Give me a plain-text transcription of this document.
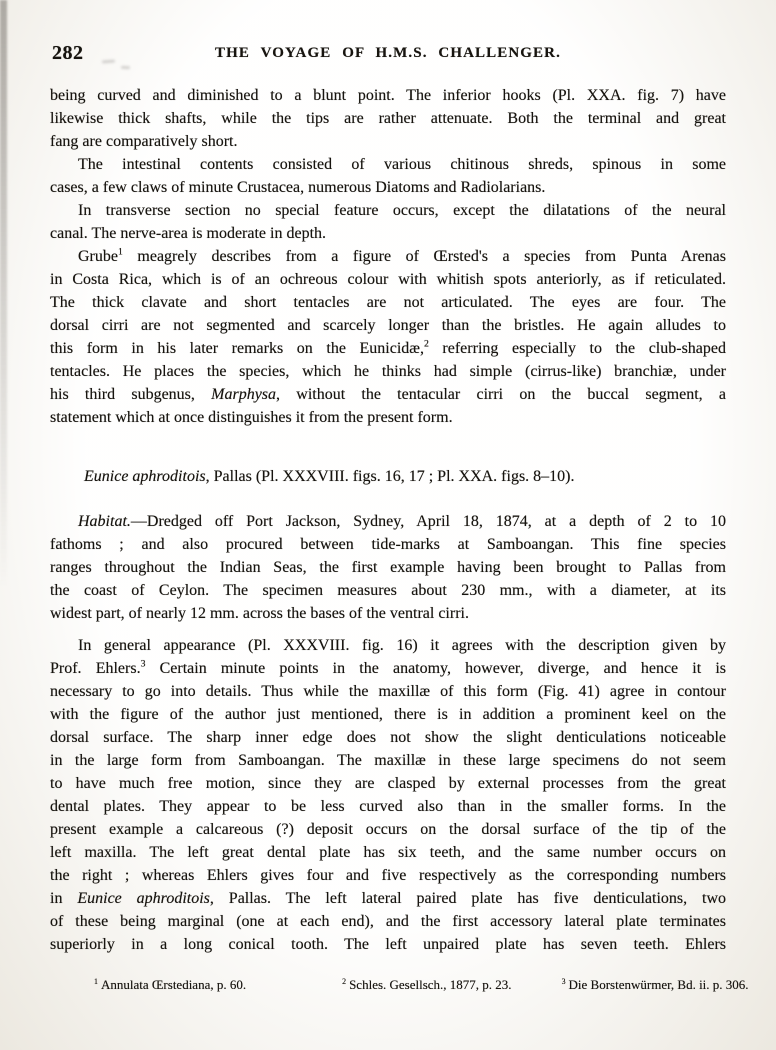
282	THE VOYAGE OF H.M.S. CHALLENGER.
being curved and diminished to a blunt point. The inferior hooks (Pl. XXA. fig. 7) have
likewise thick shafts, while the tips are rather attenuate. Both the terminal and great
fang are comparatively short.
The intestinal contents consisted of various chitinous shreds, spinous in some
cases, a few claws of minute Crustacea, numerous Diatoms and Radiolarians.
In transverse section no special feature occurs, except the dilatations of the neural
canal. The nerve-area is moderate in depth.
Grube$^1$ meagrely describes from a figure of Œrsted's a species from Punta Arenas
in Costa Rica, which is of an ochreous colour with whitish spots anteriorly, as if reticulated.
The thick clavate and short tentacles are not articulated. The eyes are four. The
dorsal cirri are not segmented and scarcely longer than the bristles. He again alludes to
this form in his later remarks on the Eunicidæ,$^2$ referring especially to the club-shaped
tentacles. He places the species, which he thinks had simple (cirrus-like) branchiæ, under
his third subgenus, Marphysa, without the tentacular cirri on the buccal segment, a
statement which at once distinguishes it from the present form.
Eunice aphroditois, Pallas (Pl. XXXVIII. figs. 16, 17 ; Pl. XXA. figs. 8–10).
Habitat.—Dredged off Port Jackson, Sydney, April 18, 1874, at a depth of 2 to 10
fathoms ; and also procured between tide-marks at Samboangan. This fine species
ranges throughout the Indian Seas, the first example having been brought to Pallas from
the coast of Ceylon. The specimen measures about 230 mm., with a diameter, at its
widest part, of nearly 12 mm. across the bases of the ventral cirri.
In general appearance (Pl. XXXVIII. fig. 16) it agrees with the description given by
Prof. Ehlers.$^3$ Certain minute points in the anatomy, however, diverge, and hence it is
necessary to go into details. Thus while the maxillæ of this form (Fig. 41) agree in contour
with the figure of the author just mentioned, there is in addition a prominent keel on the
dorsal surface. The sharp inner edge does not show the slight denticulations noticeable
in the large form from Samboangan. The maxillæ in these large specimens do not seem
to have much free motion, since they are clasped by external processes from the great
dental plates. They appear to be less curved also than in the smaller forms. In the
present example a calcareous (?) deposit occurs on the dorsal surface of the tip of the
left maxilla. The left great dental plate has six teeth, and the same number occurs on
the right ; whereas Ehlers gives four and five respectively as the corresponding numbers
in Eunice aphroditois, Pallas. The left lateral paired plate has five denticulations, two
of these being marginal (one at each end), and the first accessory lateral plate terminates
superiorly in a long conical tooth. The left unpaired plate has seven teeth. Ehlers
$^1$ Annulata Œrstediana, p. 60.	$^2$ Schles. Gesellsch., 1877, p. 23.	$^3$ Die Borstenwürmer, Bd. ii. p. 306.
